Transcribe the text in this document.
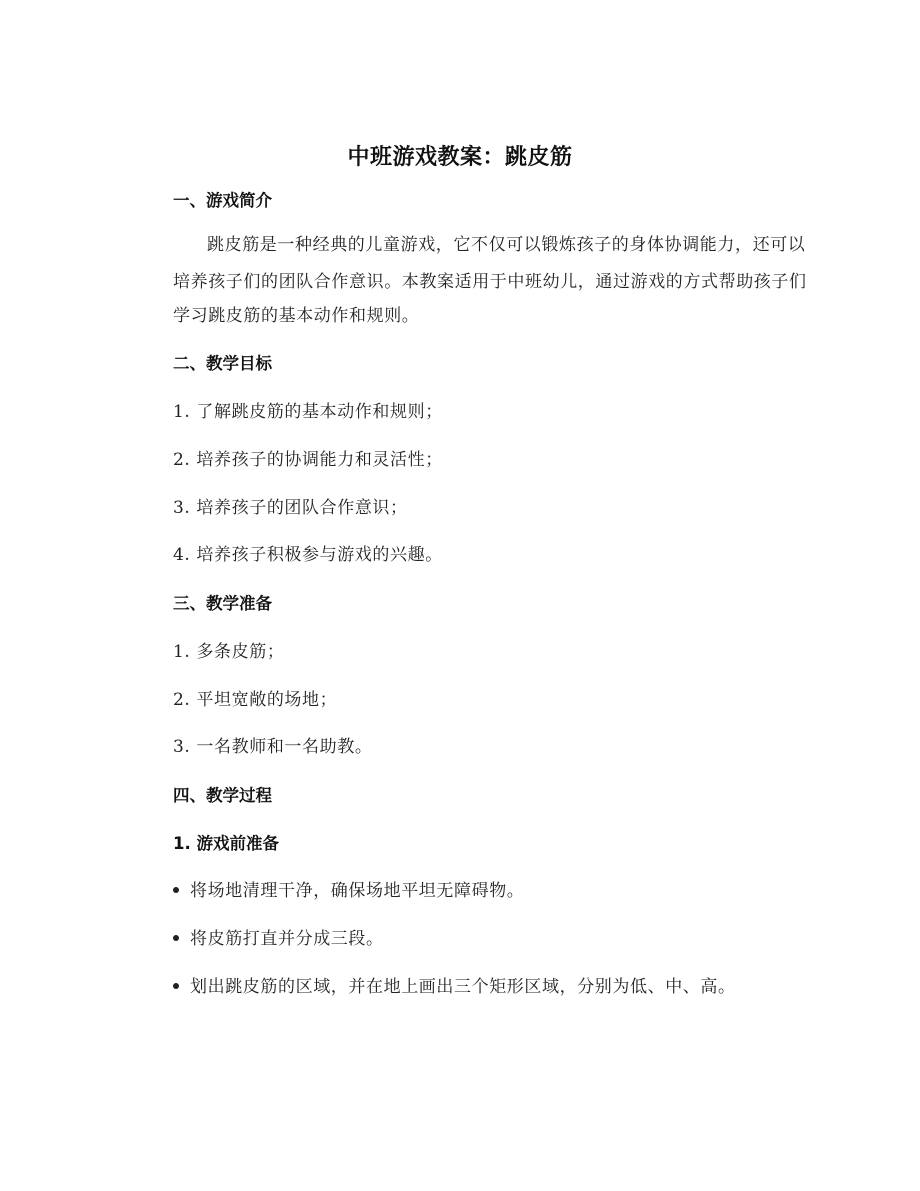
中班游戏教案：跳皮筋
一、游戏简介
跳皮筋是一种经典的儿童游戏，它不仅可以锻炼孩子的身体协调能力，还可以
培养孩子们的团队合作意识。本教案适用于中班幼儿，通过游戏的方式帮助孩子们
学习跳皮筋的基本动作和规则。
二、教学目标
1. 了解跳皮筋的基本动作和规则；
2. 培养孩子的协调能力和灵活性；
3. 培养孩子的团队合作意识；
4. 培养孩子积极参与游戏的兴趣。
三、教学准备
1. 多条皮筋；
2. 平坦宽敞的场地；
3. 一名教师和一名助教。
四、教学过程
1. 游戏前准备
将场地清理干净，确保场地平坦无障碍物。
将皮筋打直并分成三段。
划出跳皮筋的区域，并在地上画出三个矩形区域，分别为低、中、高。
